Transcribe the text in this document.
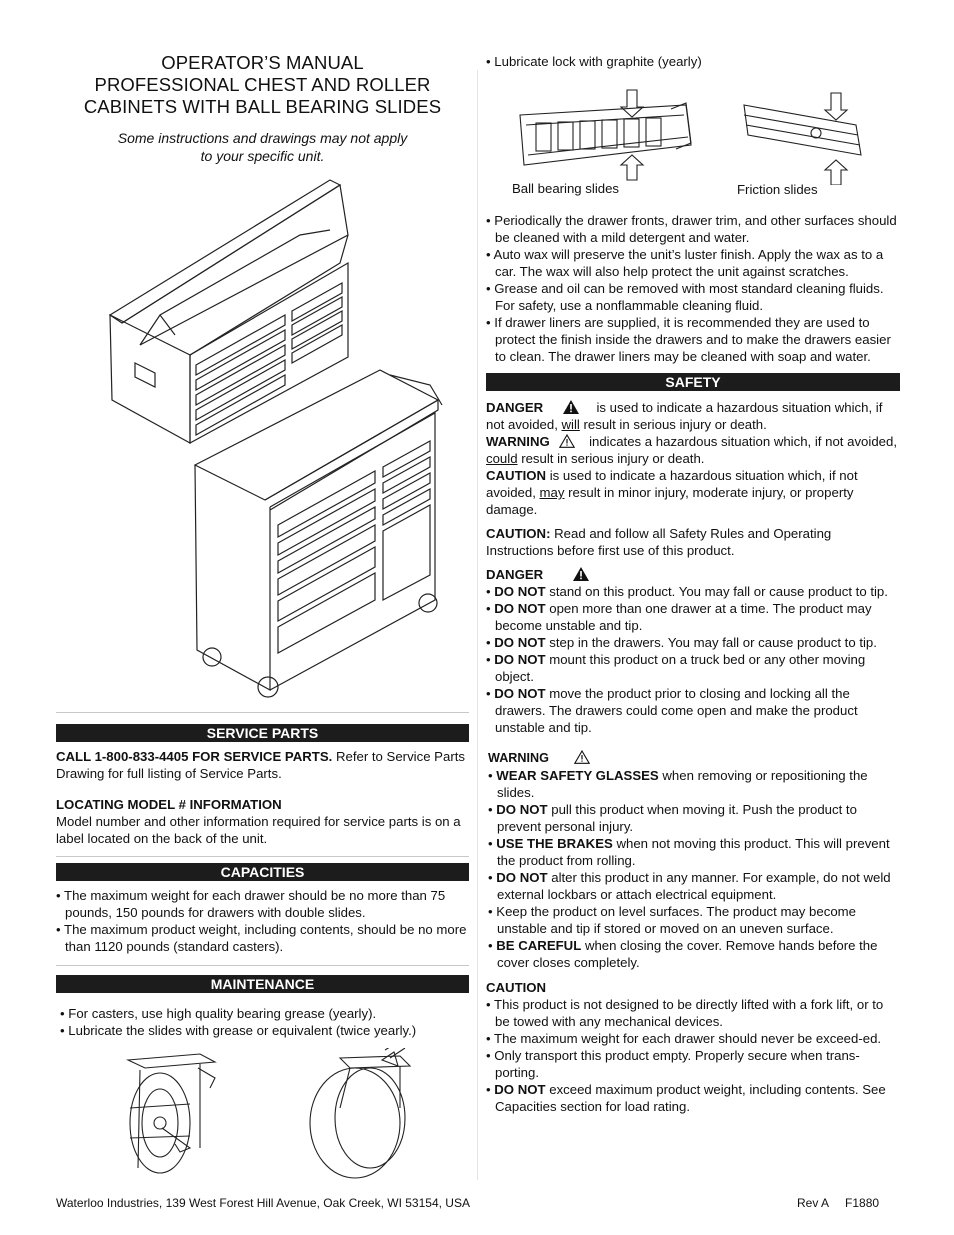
OPERATOR’S MANUAL
PROFESSIONAL CHEST AND ROLLER
CABINETS WITH BALL BEARING SLIDES
Some instructions and drawings may not apply
to your specific unit.
SERVICE PARTS

CALL 1-800-833-4405 FOR SERVICE PARTS. Refer to Service Parts Drawing for full listing of Service Parts.

LOCATING MODEL # INFORMATION

Model number and other information required for service parts is on a label located on the back of the unit.

CAPACITIES

• The maximum weight for each drawer should be no more than 75 pounds, 150 pounds for drawers with double slides.

• The maximum product weight, including contents, should be no more than 1120 pounds (standard casters).

MAINTENANCE

• For casters, use high quality bearing grease (yearly).

• Lubricate the slides with grease or equivalent (twice yearly.)

• Lubricate lock with graphite (yearly)

Ball bearing slides	Friction slides

• Periodically the drawer fronts, drawer trim, and other surfaces should be cleaned with a mild detergent and water.

• Auto wax will preserve the unit’s luster finish. Apply the wax as to a car. The wax will also help protect the unit against scratches.

• Grease and oil can be removed with most standard cleaning fluids. For safety, use a nonflammable cleaning fluid.

• If drawer liners are supplied, it is recommended they are used to protect the finish inside the drawers and to make the drawers easier to clean. The drawer liners may be cleaned with soap and water.

SAFETY

DANGER	is used to indicate a hazardous situation which, if not avoided, will result in serious injury or death.

WARNING	indicates a hazardous situation which, if not avoided, could result in serious injury or death.

CAUTION is used to indicate a hazardous situation which, if not avoided, may result in minor injury, moderate injury, or property damage.

CAUTION: Read and follow all Safety Rules and Operating Instructions before first use of this product.

DANGER

• DO NOT stand on this product. You may fall or cause product to tip.

• DO NOT open more than one drawer at a time. The product may become unstable and tip.

• DO NOT step in the drawers. You may fall or cause product to tip.

• DO NOT mount this product on a truck bed or any other moving object.

• DO NOT move the product prior to closing and locking all the drawers. The drawers could come open and make the product unstable and tip.

WARNING

• WEAR SAFETY GLASSES when removing or repositioning the slides.

• DO NOT pull this product when moving it. Push the product to prevent personal injury.

• USE THE BRAKES when not moving this product. This will prevent the product from rolling.

• DO NOT alter this product in any manner. For example, do not weld external lockbars or attach electrical equipment.

• Keep the product on level surfaces. The product may become unstable and tip if stored or moved on an uneven surface.

• BE CAREFUL when closing the cover. Remove hands before the cover closes completely.

CAUTION

• This product is not designed to be directly lifted with a fork lift, or to be towed with any mechanical devices.

• The maximum weight for each drawer should never be exceed-ed.

• Only transport this product empty. Properly secure when trans-porting.

• DO NOT exceed maximum product weight, including contents. See Capacities section for load rating.

Waterloo Industries, 139 West Forest Hill Avenue, Oak Creek, WI 53154, USA	Rev A     F1880
